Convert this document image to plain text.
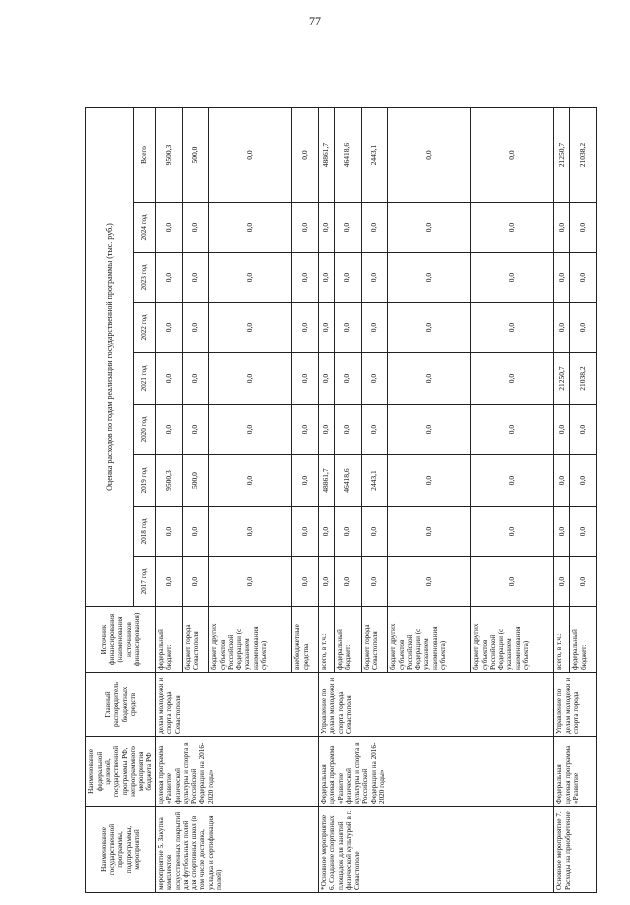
77
Наименование государственной программы, подпрограммы, мероприятий	Наименование федеральной целевой, государственной программы РФ, непрограммного мероприятия бюджета РФ	Главный распорядитель бюджетных средств	Источник финансирования (наименования источников финансирования)	Оценка расходов по годам реализации государственной программы (тыс. руб.)								
				2017 год	2018 год	2019 год	2020 год	2021 год	2022 год	2023 год	2024 год	Всего
мероприятие 5. Закупка комплектов искусственных покрытий для футбольных полей для спортивных школ (в том числе доставка, укладка и сертификация полей)	целевая программа «Развитие физической культуры и спорта в Российской Федерации на 2016-2020 годы»	делам молодежи и спорта города Севастополя	федеральный бюджет:	0,0	0,0	9500,3	0,0	0,0	0,0	0,0	0,0	9500,3
			бюджет города Севастополя	0,0	0,0	500,0	0,0	0,0	0,0	0,0	0,0	500,0
			бюджет других субъектов Российской Федерации (с указанием наименования субъекта)	0,0	0,0	0,0	0,0	0,0	0,0	0,0	0,0	0,0
			внебюджетные средства	0,0	0,0	0,0	0,0	0,0	0,0	0,0	0,0	0,0
*Основное мероприятие 6. Создание спортивных площадок для занятий физической культурой в г. Севастополе	Федеральная целевая программа «Развитие физической культуры и спорта в Российской Федерации на 2016-2020 годы»	Управление по делам молодежи и спорта города Севастополя	всего, в т.ч.:	0,0	0,0	48861,7	0,0	0,0	0,0	0,0	0,0	48861,7
			федеральный бюджет:	0,0	0,0	46418,6	0,0	0,0	0,0	0,0	0,0	46418,6
			бюджет города Севастополя	0,0	0,0	2443,1	0,0	0,0	0,0	0,0	0,0	2443,1
			бюджет других субъектов Российской Федерации (с указанием наименования субъекта)	0,0	0,0	0,0	0,0	0,0	0,0	0,0	0,0	0,0
			бюджет других субъектов Российской Федерации (с указанием наименования субъекта)	0,0	0,0	0,0	0,0	0,0	0,0	0,0	0,0	0,0
Основное мероприятие 7. Расходы на приобретение	Федеральная целевая программа «Развитие	Управление по делам молодежи и спорта города	всего, в т.ч.:	0,0	0,0	0,0	0,0	21250,7	0,0	0,0	0,0	21250,7
			федеральный бюджет:	0,0	0,0	0,0	0,0	21038,2	0,0	0,0	0,0	21038,2
